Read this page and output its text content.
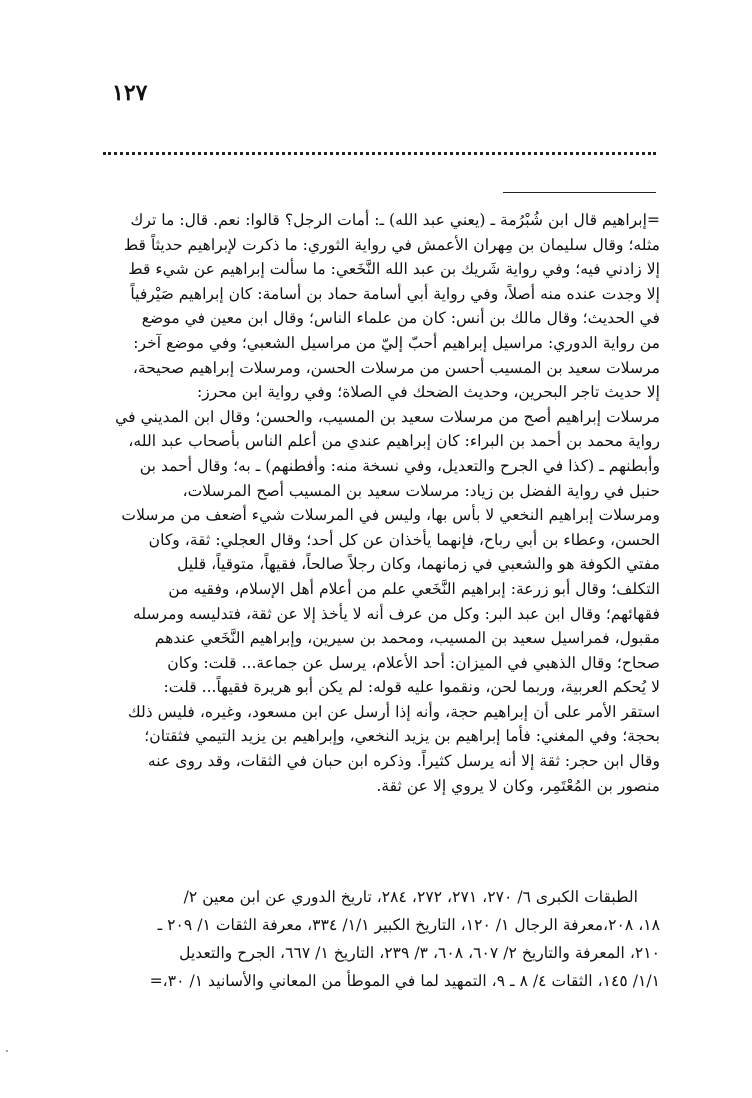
١٢٧
=إبراهيم قال ابن شُبْرُمة ـ (يعني عبد الله) ـ: أمات الرجل؟ قالوا: نعم. قال: ما ترك
مثله؛ وقال سليمان بن مِهران الأعمش في رواية الثوري: ما ذكرت لإبراهيم حديثاً قط
إلا زادني فيه؛ وفي رواية شَريك بن عبد الله النَّخَعي: ما سألت إبراهيم عن شيء قط
إلا وجدت عنده منه أصلاً، وفي رواية أبي أسامة حماد بن أسامة: كان إبراهيم صَيْرفياً
في الحديث؛ وقال مالك بن أنس: كان من علماء الناس؛ وقال ابن معين في موضع
من رواية الدوري: مراسيل إبراهيم أحبّ إليّ من مراسيل الشعبي؛ وفي موضع آخر:
مرسلات سعيد بن المسيب أحسن من مرسلات الحسن، ومرسلات إبراهيم صحيحة،
إلا حديث تاجر البحرين، وحديث الضحك في الصلاة؛ وفي رواية ابن محرز:
مرسلات إبراهيم أصح من مرسلات سعيد بن المسيب، والحسن؛ وقال ابن المديني في
رواية محمد بن أحمد بن البراء: كان إبراهيم عندي من أعلم الناس بأصحاب عبد الله،
وأبطنهم ـ (كذا في الجرح والتعديل، وفي نسخة منه: وأفطنهم) ـ به؛ وقال أحمد بن
حنبل في رواية الفضل بن زياد: مرسلات سعيد بن المسيب أصح المرسلات،
ومرسلات إبراهيم النخعي لا بأس بها، وليس في المرسلات شيء أضعف من مرسلات
الحسن، وعطاء بن أبي رباح، فإنهما يأخذان عن كل أحد؛ وقال العجلي: ثقة، وكان
مفتي الكوفة هو والشعبي في زمانهما، وكان رجلاً صالحاً، فقيهاً، متوقياً، قليل
التكلف؛ وقال أبو زرعة: إبراهيم النَّخَعي علم من أعلام أهل الإسلام، وفقيه من
فقهائهم؛ وقال ابن عبد البر: وكل من عرف أنه لا يأخذ إلا عن ثقة، فتدليسه ومرسله
مقبول، فمراسيل سعيد بن المسيب، ومحمد بن سيرين، وإبراهيم النَّخَعي عندهم
صحاح؛ وقال الذهبي في الميزان: أحد الأعلام، يرسل عن جماعة... قلت: وكان
لا يُحكم العربية، وربما لحن، ونقموا عليه قوله: لم يكن أبو هريرة فقيهاً... قلت:
استقر الأمر على أن إبراهيم حجة، وأنه إذا أرسل عن ابن مسعود، وغيره، فليس ذلك
بحجة؛ وفي المغني: فأما إبراهيم بن يزيد النخعي، وإبراهيم بن يزيد التيمي فثقتان؛
وقال ابن حجر: ثقة إلا أنه يرسل كثيراً. وذكره ابن حبان في الثقات، وقد روى عنه
منصور بن المُعْتَمِر، وكان لا يروي إلا عن ثقة.
الطبقات الكبرى ٦/ ٢٧٠، ٢٧١، ٢٧٢، ٢٨٤، تاريخ الدوري عن ابن معين ٢/
١٨، ٢٠٨،معرفة الرجال ١/ ١٢٠، التاريخ الكبير ١/١/ ٣٣٤، معرفة الثقات ١/ ٢٠٩ ـ
٢١٠، المعرفة والتاريخ ٢/ ٦٠٧، ٦٠٨، ٣/ ٢٣٩، التاريخ ١/ ٦٦٧، الجرح والتعديل
١/١/ ١٤٥، الثقات ٤/ ٨ ـ ٩، التمهيد لما في الموطأ من المعاني والأسانيد ١/ ٣٠،=
